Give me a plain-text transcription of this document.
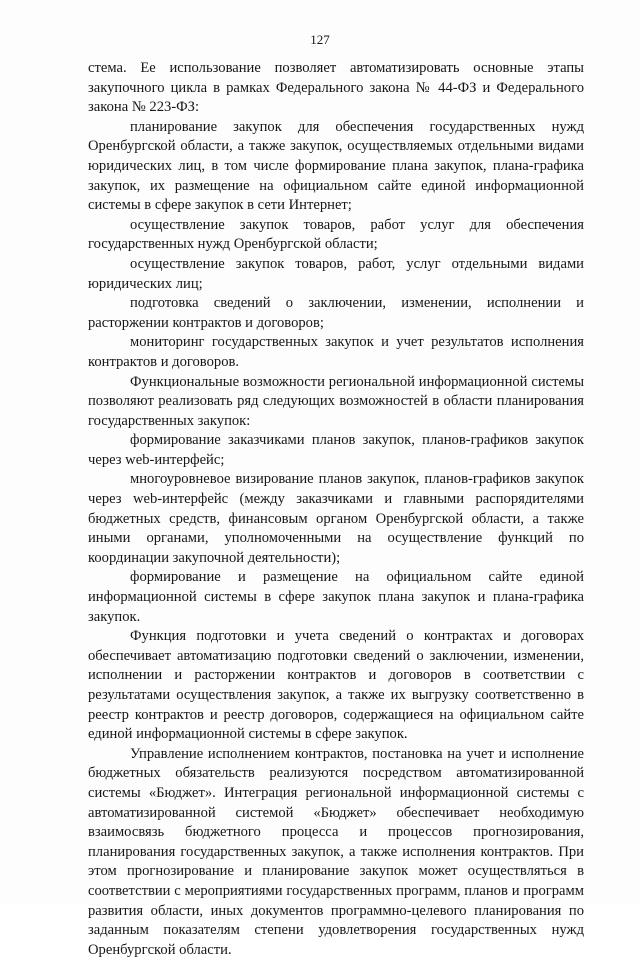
127

стема. Ее использование позволяет автоматизировать основные этапы закупочного цикла в рамках Федерального закона № 44-ФЗ и Федерального закона № 223-ФЗ:

планирование закупок для обеспечения государственных нужд Оренбургской области, а также закупок, осуществляемых отдельными видами юридических лиц, в том числе формирование плана закупок, плана-графика закупок, их размещение на официальном сайте единой информационной системы в сфере закупок в сети Интернет;

осуществление закупок товаров, работ услуг для обеспечения государственных нужд Оренбургской области;

осуществление закупок товаров, работ, услуг отдельными видами юридических лиц;

подготовка сведений о заключении, изменении, исполнении и расторжении контрактов и договоров;

мониторинг государственных закупок и учет результатов исполнения контрактов и договоров.

Функциональные возможности региональной информационной системы позволяют реализовать ряд следующих возможностей в области планирования государственных закупок:

формирование заказчиками планов закупок, планов-графиков закупок через web-интерфейс;

многоуровневое визирование планов закупок, планов-графиков закупок через web-интерфейс (между заказчиками и главными распорядителями бюджетных средств, финансовым органом Оренбургской области, а также иными органами, уполномоченными на осуществление функций по координации закупочной деятельности);

формирование и размещение на официальном сайте единой информационной системы в сфере закупок плана закупок и плана-графика закупок.

Функция подготовки и учета сведений о контрактах и договорах обеспечивает автоматизацию подготовки сведений о заключении, изменении, исполнении и расторжении контрактов и договоров в соответствии с результатами осуществления закупок, а также их выгрузку соответственно в реестр контрактов и реестр договоров, содержащиеся на официальном сайте единой информационной системы в сфере закупок.

Управление исполнением контрактов, постановка на учет и исполнение бюджетных обязательств реализуются посредством автоматизированной системы «Бюджет». Интеграция региональной информационной системы с автоматизированной системой «Бюджет» обеспечивает необходимую взаимосвязь бюджетного процесса и процессов прогнозирования, планирования государственных закупок, а также исполнения контрактов. При этом прогнозирование и планирование закупок может осуществляться в соответствии с мероприятиями государственных программ, планов и программ развития области, иных документов программно-целевого планирования по заданным показателям степени удовлетворения государственных нужд Оренбургской области.
